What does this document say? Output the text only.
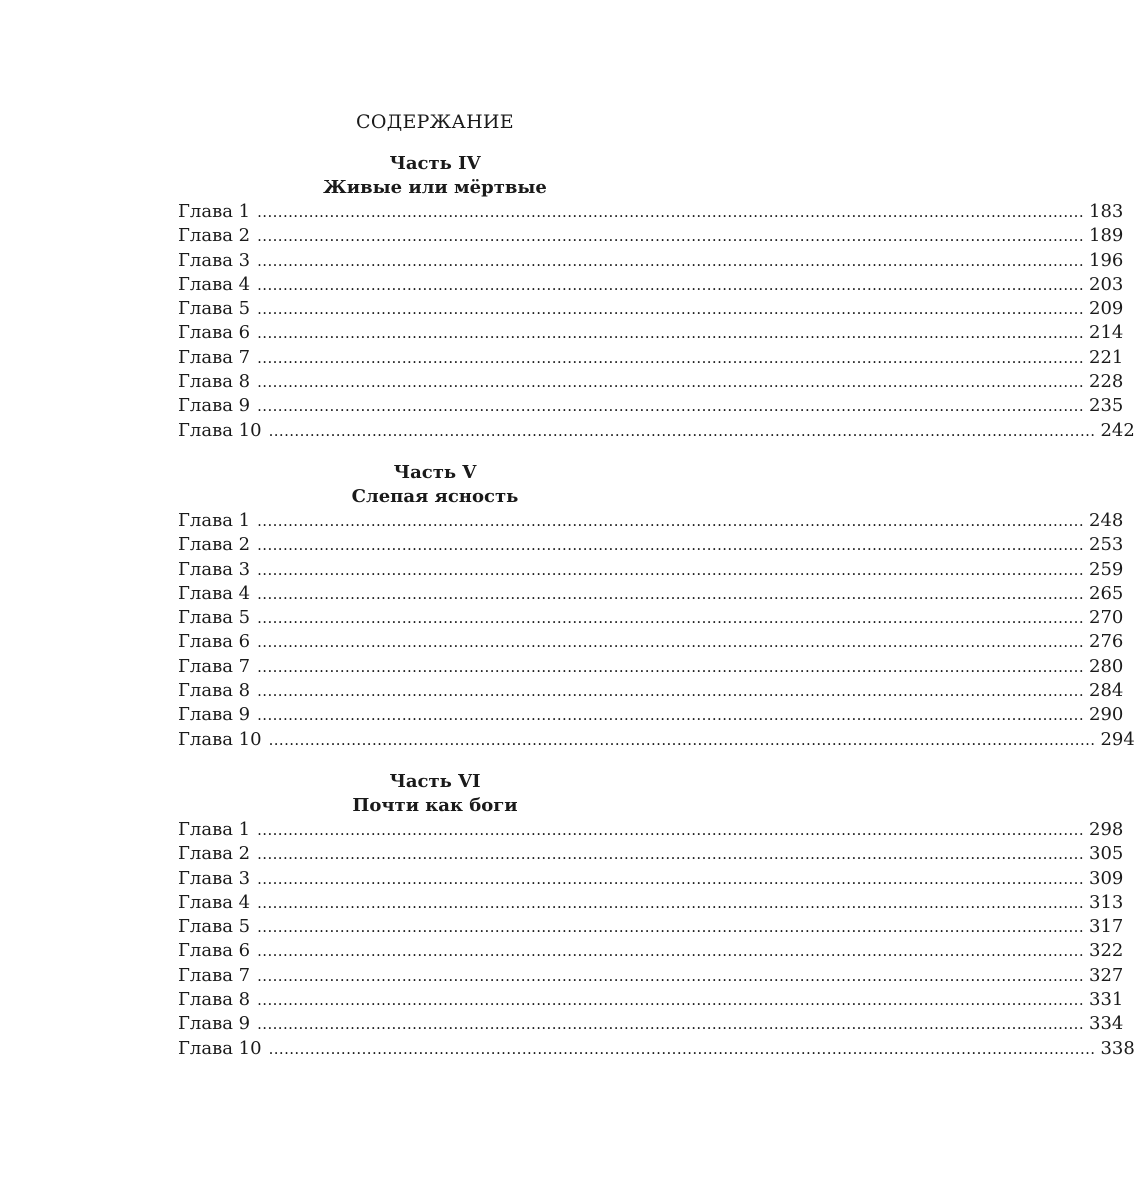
СОДЕРЖАНИЕ
Часть IV
Живые или мёртвые
Глава 1 ................................................................................................................................................................ 183
Глава 2 ................................................................................................................................................................ 189
Глава 3 ................................................................................................................................................................ 196
Глава 4 ................................................................................................................................................................ 203
Глава 5 ................................................................................................................................................................ 209
Глава 6 ................................................................................................................................................................ 214
Глава 7 ................................................................................................................................................................ 221
Глава 8 ................................................................................................................................................................ 228
Глава 9 ................................................................................................................................................................ 235
Глава 10 ................................................................................................................................................................ 242
Часть V
Слепая ясность
Глава 1 ................................................................................................................................................................ 248
Глава 2 ................................................................................................................................................................ 253
Глава 3 ................................................................................................................................................................ 259
Глава 4 ................................................................................................................................................................ 265
Глава 5 ................................................................................................................................................................ 270
Глава 6 ................................................................................................................................................................ 276
Глава 7 ................................................................................................................................................................ 280
Глава 8 ................................................................................................................................................................ 284
Глава 9 ................................................................................................................................................................ 290
Глава 10 ................................................................................................................................................................ 294
Часть VI
Почти как боги
Глава 1 ................................................................................................................................................................ 298
Глава 2 ................................................................................................................................................................ 305
Глава 3 ................................................................................................................................................................ 309
Глава 4 ................................................................................................................................................................ 313
Глава 5 ................................................................................................................................................................ 317
Глава 6 ................................................................................................................................................................ 322
Глава 7 ................................................................................................................................................................ 327
Глава 8 ................................................................................................................................................................ 331
Глава 9 ................................................................................................................................................................ 334
Глава 10 ................................................................................................................................................................ 338
